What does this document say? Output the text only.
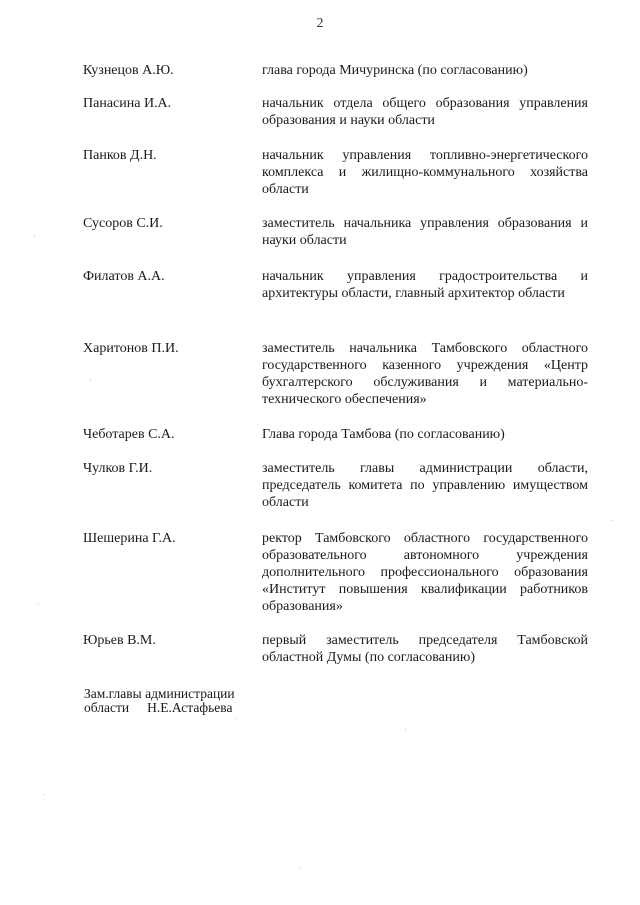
2
Кузнецов А.Ю.	глава города Мичуринска (по согласованию)
Панасина И.А.	начальник отдела общего образования управления образования и науки области
Панков Д.Н.	начальник управления топливно-энергетического комплекса и жилищно-коммунального хозяйства области
Сусоров С.И.	заместитель начальника управления образования и науки области
Филатов А.А.	начальник управления градостроительства и архитектуры области, главный архитектор области
Харитонов П.И.	заместитель начальника Тамбовского областного государственного казенного учреждения «Центр бухгалтерского обслуживания и материально-технического обеспечения»
Чеботарев С.А.	Глава города Тамбова (по согласованию)
Чулков Г.И.	заместитель главы администрации области, председатель комитета по управлению имуществом области
Шешерина Г.А.	ректор Тамбовского областного государственного образовательного автономного учреждения дополнительного профессионального образования «Институт повышения квалификации работников образования»
Юрьев В.М.	первый заместитель председателя Тамбовской областной Думы (по согласованию)
Зам.главы администрации
области Н.Е.Астафьева
